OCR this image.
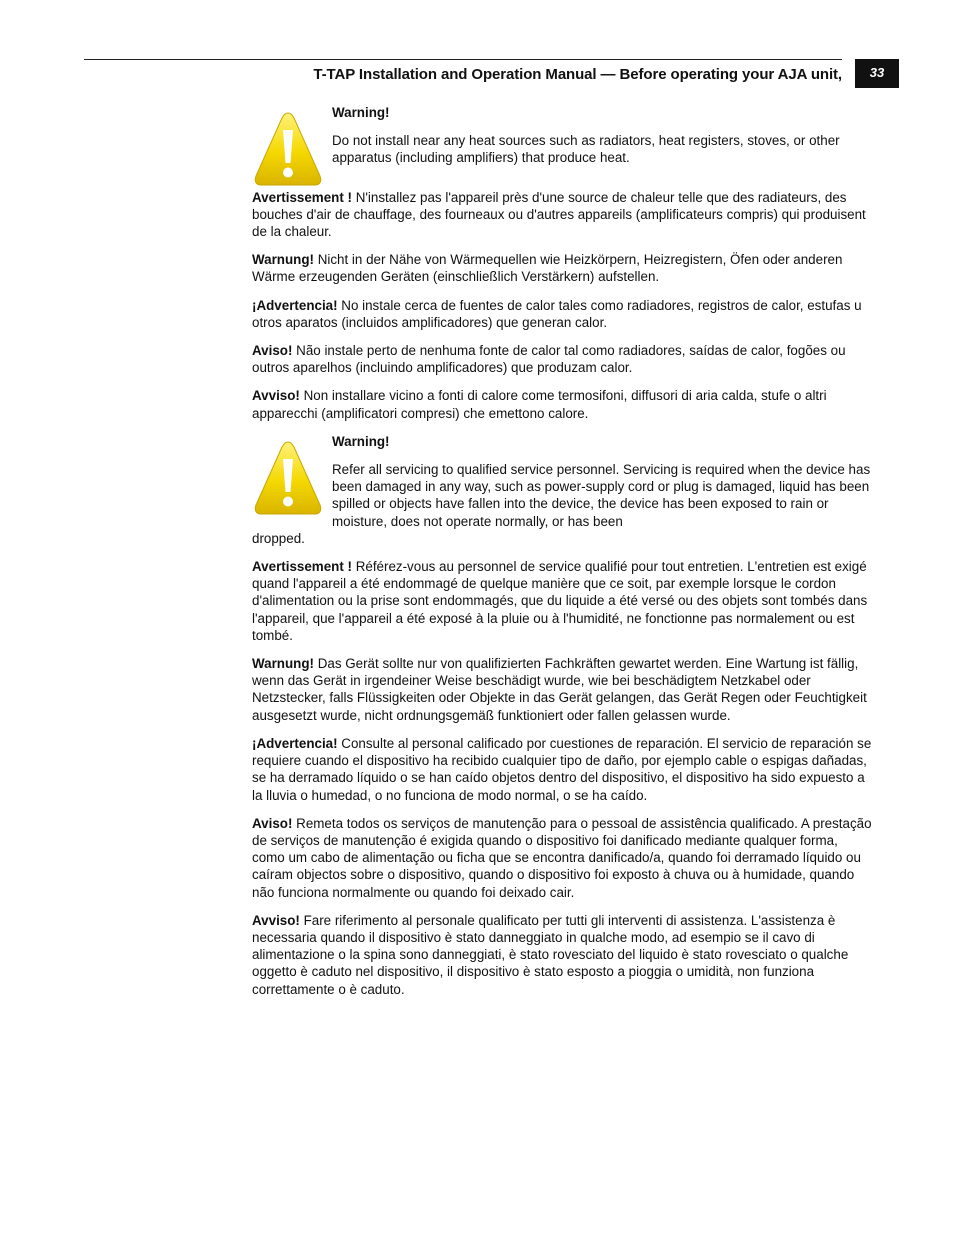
T-TAP Installation and Operation Manual — Before operating your AJA unit,	33

Warning!

Do not install near any heat sources such as radiators, heat registers, stoves, or other apparatus (including amplifiers) that produce heat.

Avertissement ! N'installez pas l'appareil près d'une source de chaleur telle que des radiateurs, des bouches d'air de chauffage, des fourneaux ou d'autres appareils (amplificateurs compris) qui produisent de la chaleur.

Warnung! Nicht in der Nähe von Wärmequellen wie Heizkörpern, Heizregistern, Öfen oder anderen Wärme erzeugenden Geräten (einschließlich Verstärkern) aufstellen.

¡Advertencia! No instale cerca de fuentes de calor tales como radiadores, registros de calor, estufas u otros aparatos (incluidos amplificadores) que generan calor.

Aviso! Não instale perto de nenhuma fonte de calor tal como radiadores, saídas de calor, fogões ou outros aparelhos (incluindo amplificadores) que produzam calor.

Avviso! Non installare vicino a fonti di calore come termosifoni, diffusori di aria calda, stufe o altri apparecchi (amplificatori compresi) che emettono calore.

Warning!

Refer all servicing to qualified service personnel. Servicing is required when the device has been damaged in any way, such as power-supply cord or plug is damaged, liquid has been spilled or objects have fallen into the device, the device has been exposed to rain or moisture, does not operate normally, or has been

dropped.

Avertissement ! Référez-vous au personnel de service qualifié pour tout entretien. L'entretien est exigé quand l'appareil a été endommagé de quelque manière que ce soit, par exemple lorsque le cordon d'alimentation ou la prise sont endommagés, que du liquide a été versé ou des objets sont tombés dans l'appareil, que l'appareil a été exposé à la pluie ou à l'humidité, ne fonctionne pas normalement ou est tombé.

Warnung! Das Gerät sollte nur von qualifizierten Fachkräften gewartet werden. Eine Wartung ist fällig, wenn das Gerät in irgendeiner Weise beschädigt wurde, wie bei beschädigtem Netzkabel oder Netzstecker, falls Flüssigkeiten oder Objekte in das Gerät gelangen, das Gerät Regen oder Feuchtigkeit ausgesetzt wurde, nicht ordnungsgemäß funktioniert oder fallen gelassen wurde.

¡Advertencia! Consulte al personal calificado por cuestiones de reparación. El servicio de reparación se requiere cuando el dispositivo ha recibido cualquier tipo de daño, por ejemplo cable o espigas dañadas, se ha derramado líquido o se han caído objetos dentro del dispositivo, el dispositivo ha sido expuesto a la lluvia o humedad, o no funciona de modo normal, o se ha caído.

Aviso! Remeta todos os serviços de manutenção para o pessoal de assistência qualificado. A prestação de serviços de manutenção é exigida quando o dispositivo foi danificado mediante qualquer forma, como um cabo de alimentação ou ficha que se encontra danificado/a, quando foi derramado líquido ou caíram objectos sobre o dispositivo, quando o dispositivo foi exposto à chuva ou à humidade, quando não funciona normalmente ou quando foi deixado cair.

Avviso! Fare riferimento al personale qualificato per tutti gli interventi di assistenza. L'assistenza è necessaria quando il dispositivo è stato danneggiato in qualche modo, ad esempio se il cavo di alimentazione o la spina sono danneggiati, è stato rovesciato del liquido è stato rovesciato o qualche oggetto è caduto nel dispositivo, il dispositivo è stato esposto a pioggia o umidità, non funziona correttamente o è caduto.
